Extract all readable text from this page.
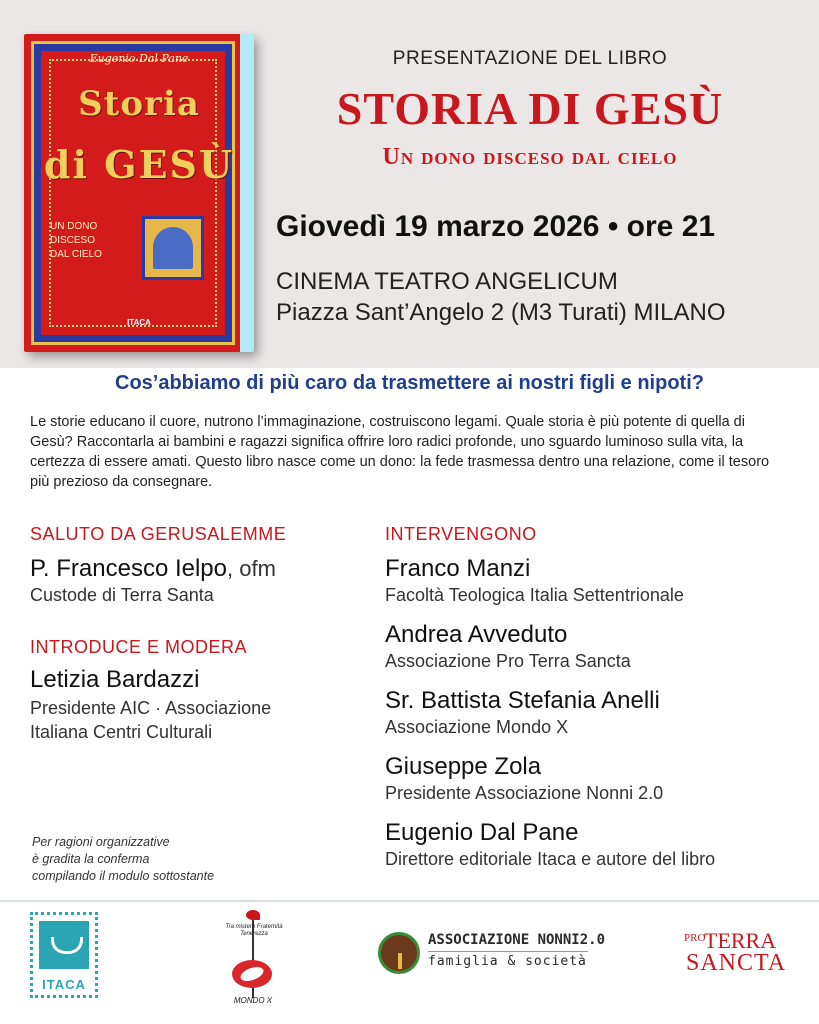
Eugenio Dal Pane
Storia
di GESÙ
UN DONO
DISCESO
DAL CIELO
ITACA
PRESENTAZIONE DEL LIBRO
STORIA DI GESÙ
Un dono disceso dal cielo
Giovedì 19 marzo 2026 • ore 21
CINEMA TEATRO ANGELICUM
Piazza Sant’Angelo 2 (M3 Turati) MILANO
Cos’abbiamo di più caro da trasmettere ai nostri figli e nipoti?
Le storie educano il cuore, nutrono l’immaginazione, costruiscono legami. Quale storia è più potente di quella di Gesù? Raccontarla ai bambini e ragazzi significa offrire loro radici profonde, uno sguardo luminoso sulla vita, la certezza di essere amati. Questo libro nasce come un dono: la fede trasmessa dentro una relazione, come il tesoro più prezioso da consegnare.
SALUTO DA GERUSALEMME
P. Francesco Ielpo, ofm
Custode di Terra Santa
INTRODUCE E MODERA
Letizia Bardazzi
Presidente AIC · Associazione
Italiana Centri Culturali
INTERVENGONO
Franco Manzi
Facoltà Teologica Italia Settentrionale
Andrea Avveduto
Associazione Pro Terra Sancta
Sr. Battista Stefania Anelli
Associazione Mondo X
Giuseppe Zola
Presidente Associazione Nonni 2.0
Eugenio Dal Pane
Direttore editoriale Itaca e autore del libro
Per ragioni organizzative
è gradita la conferma
compilando il modulo sottostante
ITACA
Tra mistero Fraternità Tenerezza
MONDO X
ASSOCIAZIONE NONNI2.0
famiglia & società
PRO
TERRA
SANCTA
